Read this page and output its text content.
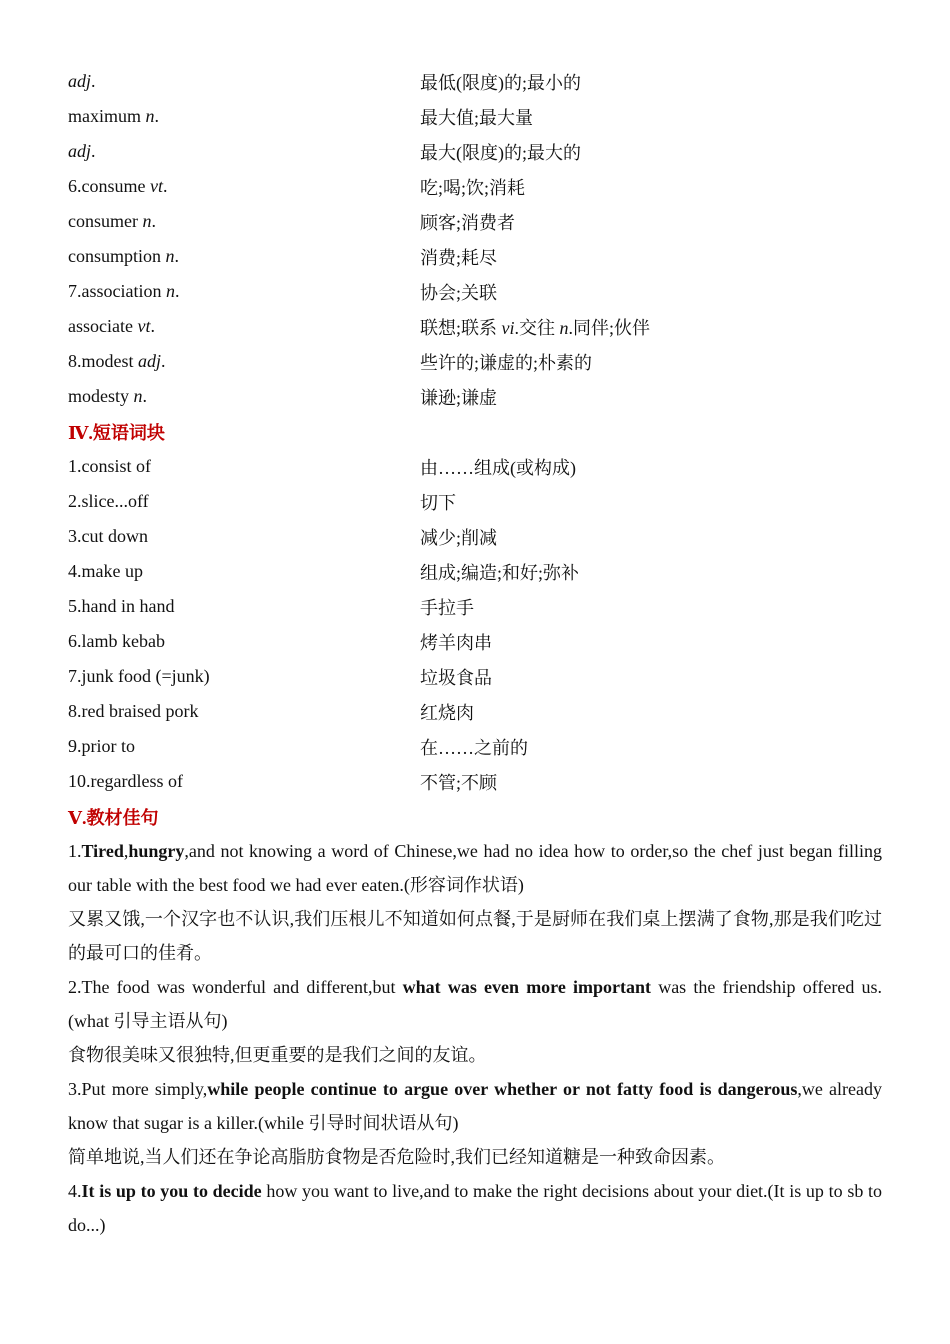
adj.	最低(限度)的;最小的
maximum n.	最大值;最大量
adj.	最大(限度)的;最大的
6.consume vt.	吃;喝;饮;消耗
consumer n.	顾客;消费者
consumption n.	消费;耗尽
7.association n.	协会;关联
associate vt.	联想;联系 vi.交往 n.同伴;伙伴
8.modest adj.	些许的;谦虚的;朴素的
modesty n.	谦逊;谦虚
Ⅳ.短语词块
1.consist of	由……组成(或构成)
2.slice...off	切下
3.cut down	减少;削减
4.make up	组成;编造;和好;弥补
5.hand in hand	手拉手
6.lamb kebab	烤羊肉串
7.junk food (=junk)	垃圾食品
8.red braised pork	红烧肉
9.prior to	在……之前的
10.regardless of	不管;不顾
Ⅴ.教材佳句
1.Tired,hungry,and not knowing a word of Chinese,we had no idea how to order,so the chef just began filling our table with the best food we had ever eaten.(形容词作状语)
又累又饿,一个汉字也不认识,我们压根儿不知道如何点餐,于是厨师在我们桌上摆满了食物,那是我们吃过的最可口的佳肴。
2.The food was wonderful and different,but what was even more important was the friendship offered us.(what 引导主语从句)
食物很美味又很独特,但更重要的是我们之间的友谊。
3.Put more simply,while people continue to argue over whether or not fatty food is dangerous,we already know that sugar is a killer.(while 引导时间状语从句)
简单地说,当人们还在争论高脂肪食物是否危险时,我们已经知道糖是一种致命因素。
4.It is up to you to decide how you want to live,and to make the right decisions about your diet.(It is up to sb to do...)
